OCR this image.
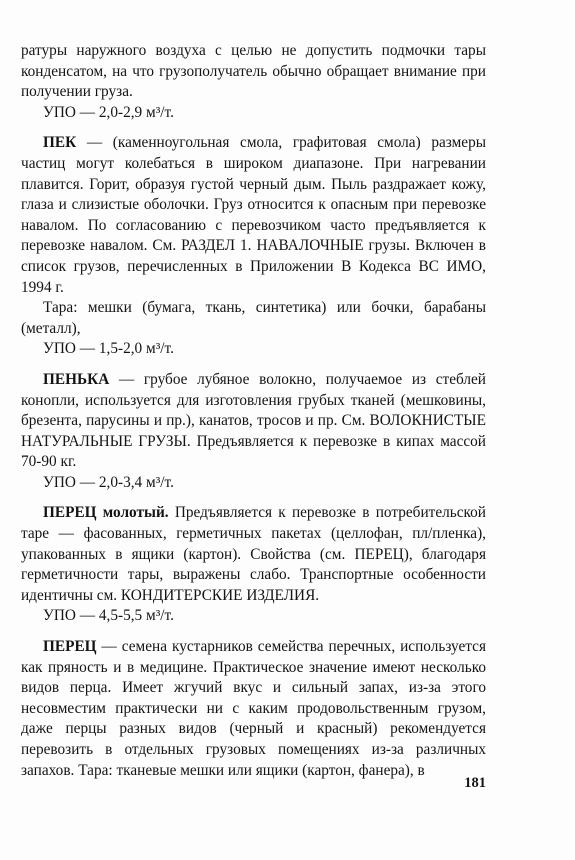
ратуры наружного воздуха с целью не допустить подмочки тары конденсатом, на что грузополучатель обычно обращает внимание при получении груза.

УПО — 2,0-2,9 м³/т.

ПЕК — (каменноугольная смола, графитовая смола) размеры частиц могут колебаться в широком диапазоне. При нагревании плавится. Горит, образуя густой черный дым. Пыль раздражает кожу, глаза и слизистые оболочки. Груз относится к опасным при перевозке навалом. По согласованию с перевозчиком часто предъявляется к перевозке навалом. См. РАЗДЕЛ 1. НАВАЛОЧНЫЕ грузы. Включен в список грузов, перечисленных в Приложении В Кодекса ВС ИМО, 1994 г.

Тара: мешки (бумага, ткань, синтетика) или бочки, барабаны (металл),

УПО — 1,5-2,0 м³/т.

ПЕНЬКА — грубое лубяное волокно, получаемое из стеблей конопли, используется для изготовления грубых тканей (мешковины, брезента, парусины и пр.), канатов, тросов и пр. См. ВОЛОКНИСТЫЕ НАТУРАЛЬНЫЕ ГРУЗЫ. Предъявляется к перевозке в кипах массой 70-90 кг.

УПО — 2,0-3,4 м³/т.

ПЕРЕЦ молотый. Предъявляется к перевозке в потребительской таре — фасованных, герметичных пакетах (целлофан, пл/пленка), упакованных в ящики (картон). Свойства (см. ПЕРЕЦ), благодаря герметичности тары, выражены слабо. Транспортные особенности идентичны см. КОНДИТЕРСКИЕ ИЗДЕЛИЯ.

УПО — 4,5-5,5 м³/т.

ПЕРЕЦ — семена кустарников семейства перечных, используется как пряность и в медицине. Практическое значение имеют несколько видов перца. Имеет жгучий вкус и сильный запах, из-за этого несовместим практически ни с каким продовольственным грузом, даже перцы разных видов (черный и красный) рекомендуется перевозить в отдельных грузовых помещениях из-за различных запахов. Тара: тканевые мешки или ящики (картон, фанера), в

181
